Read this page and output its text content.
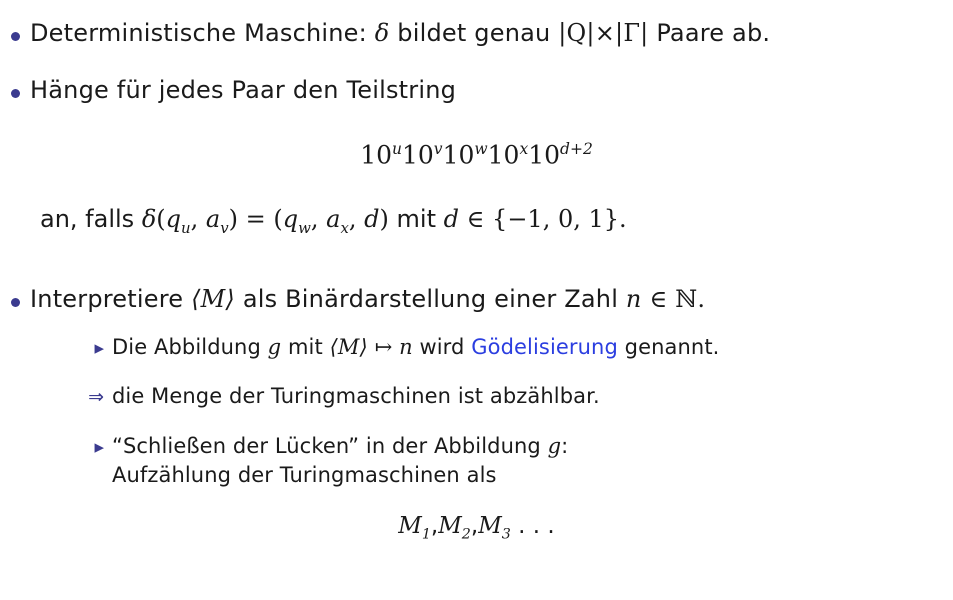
Deterministische Maschine: δ bildet genau |Q|×|Γ| Paare ab.
Hänge für jedes Paar den Teilstring
$10^u10^v10^w10^x10^{d+2}$
an, falls $\delta(q_u$, $a_v) = (q_w$, $a_x$, d) mit d ∈ {−1, 0, 1}.
Interpretiere ⟨M⟩ als Binärdarstellung einer Zahl n ∈ ℕ.
▸ Die Abbildung g mit ⟨M⟩ ↦ n wird Gödelisierung genannt.
⇒ die Menge der Turingmaschinen ist abzählbar.
▸ “Schließen der Lücken” in der Abbildung g:
Aufzählung der Turingmaschinen als
$M_1,M_2,M_3$ . . .
